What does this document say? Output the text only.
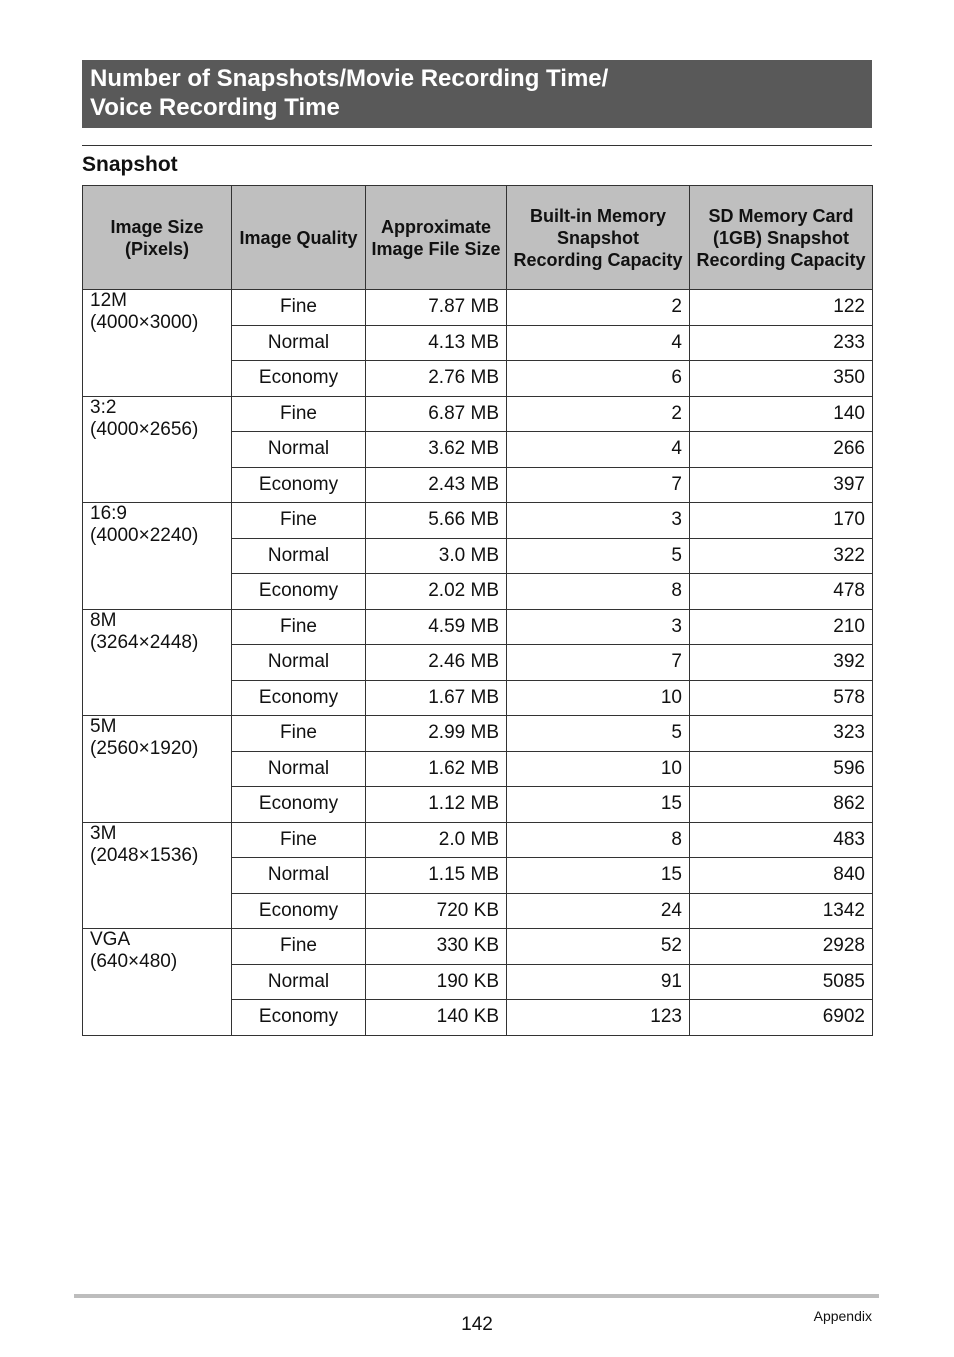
Number of Snapshots/Movie Recording Time/
Voice Recording Time
Snapshot
Image Size (Pixels)	Image Quality	Approximate Image File Size	Built-in Memory Snapshot Recording Capacity	SD Memory Card (1GB) Snapshot Recording Capacity

12M
(4000×3000)	Fine	7.87 MB	2	122
	Normal	4.13 MB	4	233
	Economy	2.76 MB	6	350

3:2
(4000×2656)	Fine	6.87 MB	2	140
	Normal	3.62 MB	4	266
	Economy	2.43 MB	7	397

16:9
(4000×2240)	Fine	5.66 MB	3	170
	Normal	3.0 MB	5	322
	Economy	2.02 MB	8	478

8M
(3264×2448)	Fine	4.59 MB	3	210
	Normal	2.46 MB	7	392
	Economy	1.67 MB	10	578

5M
(2560×1920)	Fine	2.99 MB	5	323
	Normal	1.62 MB	10	596
	Economy	1.12 MB	15	862

3M
(2048×1536)	Fine	2.0 MB	8	483
	Normal	1.15 MB	15	840
	Economy	720 KB	24	1342

VGA
(640×480)	Fine	330 KB	52	2928
	Normal	190 KB	91	5085
	Economy	140 KB	123	6902
142	Appendix
